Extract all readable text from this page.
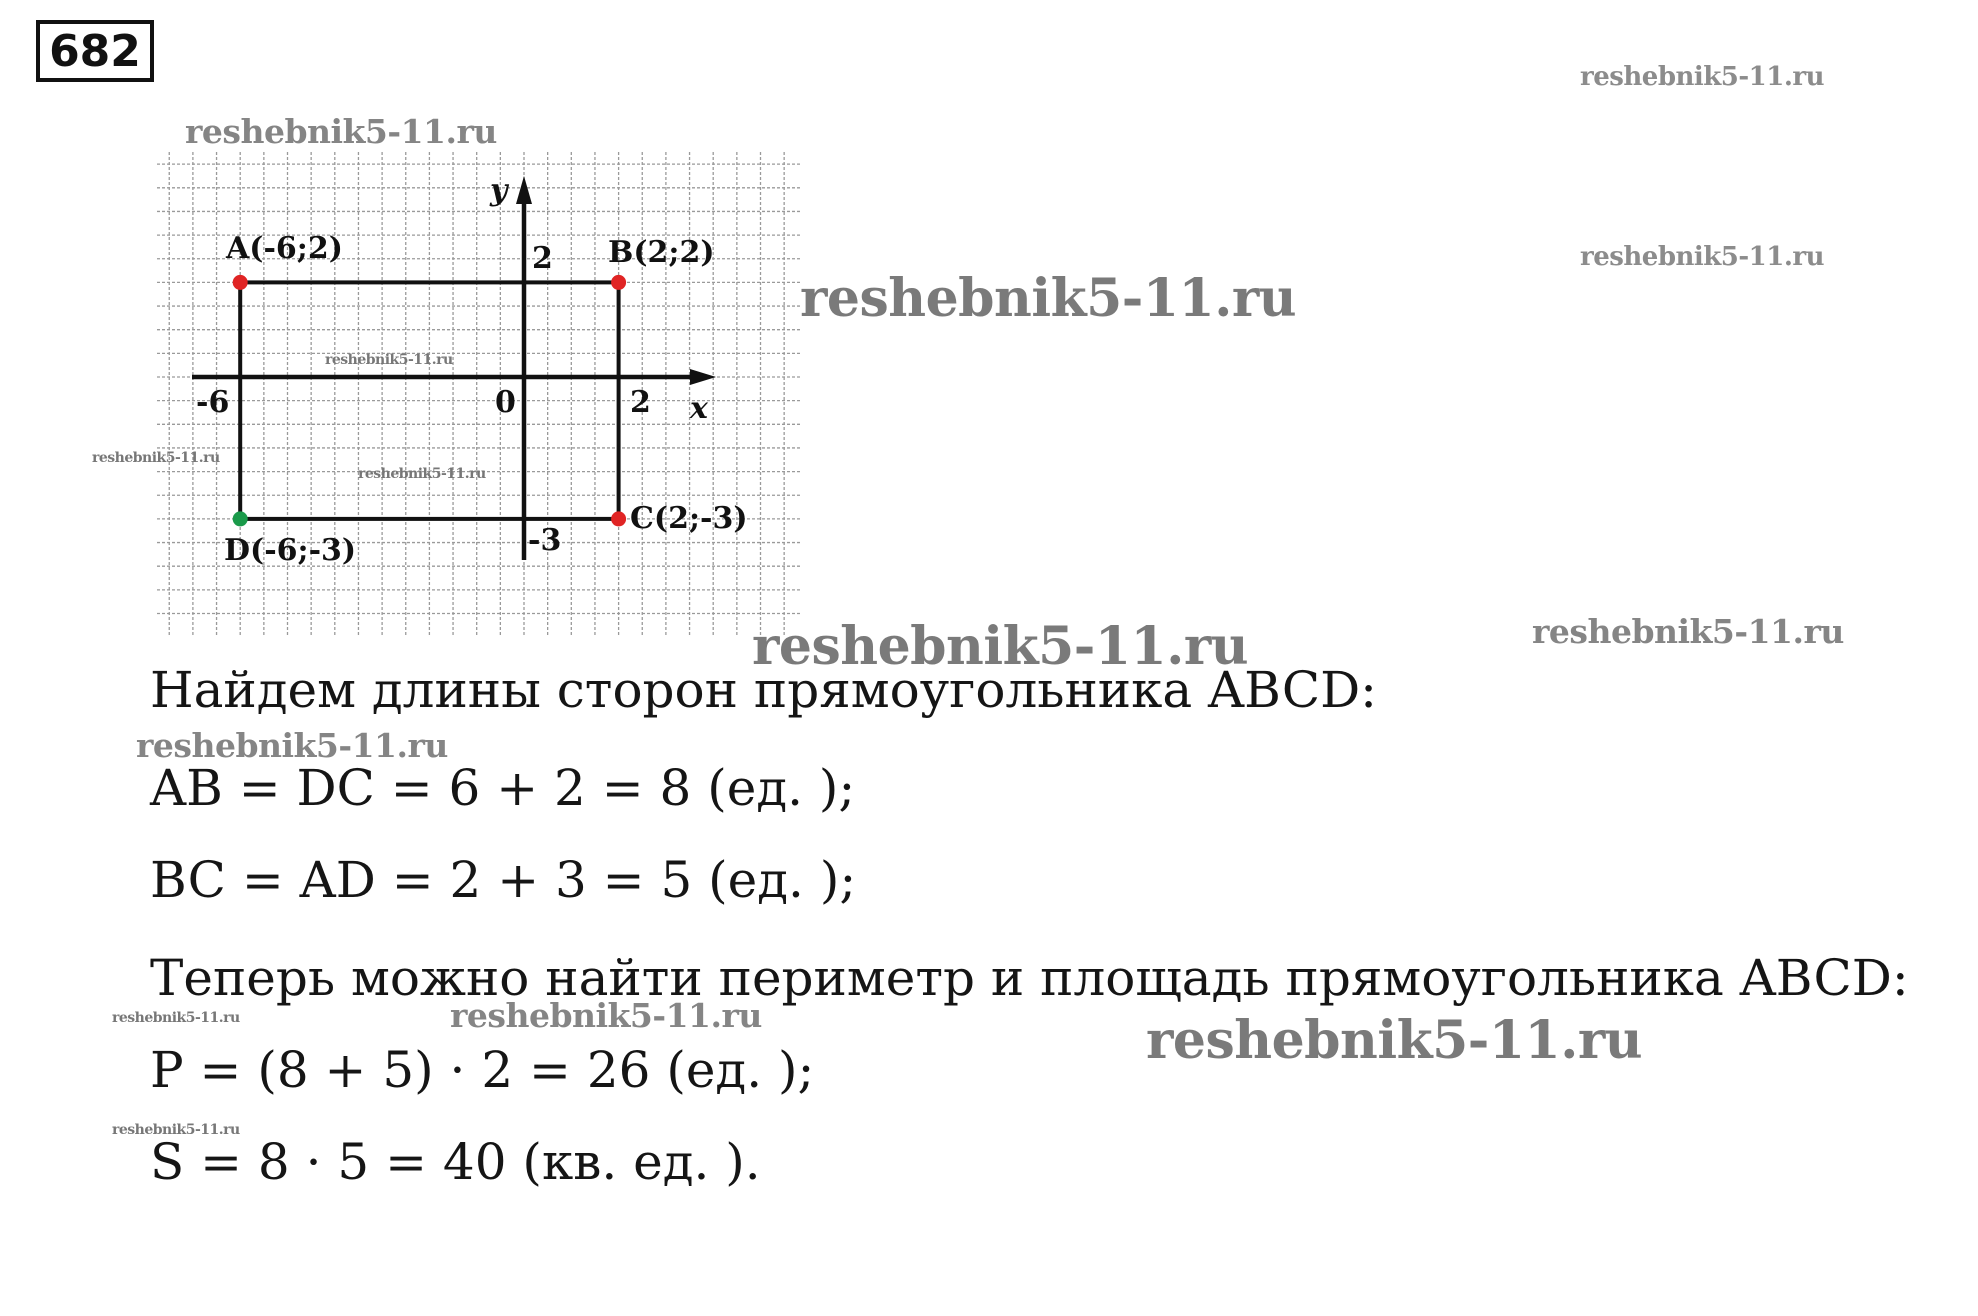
682
x
y
0
-6	2
2
-3
A(-6;2)	B(2;2)
C(2;-3)
D(-6;-3)

Найдем длины сторон прямоугольника ABCD:

AB = DC = 6 + 2 = 8 (ед. );

BC = AD = 2 + 3 = 5 (ед. );

Теперь можно найти периметр и площадь прямоугольника ABCD:

P = (8 + 5) · 2 = 26 (ед. );

S = 8 · 5 = 40 (кв. ед. ).

reshebnik5-11.ru
reshebnik5-11.ru
reshebnik5-11.ru
reshebnik5-11.ru
reshebnik5-11.ru
reshebnik5-11.ru
reshebnik5-11.ru
reshebnik5-11.ru	reshebnik5-11.ru
reshebnik5-11.ru
reshebnik5-11.ru	reshebnik5-11.ru	reshebnik5-11.ru
reshebnik5-11.ru
